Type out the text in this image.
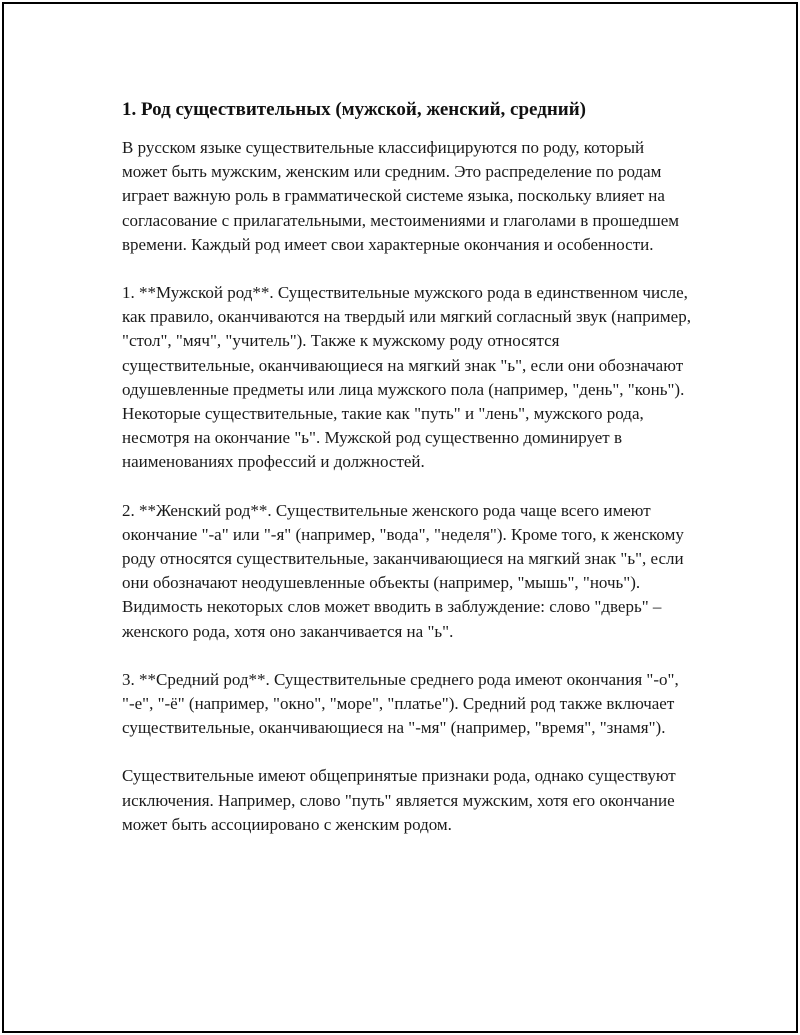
1. Род существительных (мужской, женский, средний)

В русском языке существительные классифицируются по роду, который может быть мужским, женским или средним. Это распределение по родам играет важную роль в грамматической системе языка, поскольку влияет на согласование с прилагательными, местоимениями и глаголами в прошедшем времени. Каждый род имеет свои характерные окончания и особенности.

1. **Мужской род**. Существительные мужского рода в единственном числе, как правило, оканчиваются на твердый или мягкий согласный звук (например, "стол", "мяч", "учитель"). Также к мужскому роду относятся существительные, оканчивающиеся на мягкий знак "ь", если они обозначают одушевленные предметы или лица мужского пола (например, "день", "конь"). Некоторые существительные, такие как "путь" и "лень", мужского рода, несмотря на окончание "ь". Мужской род существенно доминирует в наименованиях профессий и должностей.

2. **Женский род**. Существительные женского рода чаще всего имеют окончание "-а" или "-я" (например, "вода", "неделя"). Кроме того, к женскому роду относятся существительные, заканчивающиеся на мягкий знак "ь", если они обозначают неодушевленные объекты (например, "мышь", "ночь"). Видимость некоторых слов может вводить в заблуждение: слово "дверь" – женского рода, хотя оно заканчивается на "ь".

3. **Средний род**. Существительные среднего рода имеют окончания "-о", "-е", "-ё" (например, "окно", "море", "платье"). Средний род также включает существительные, оканчивающиеся на "-мя" (например, "время", "знамя").

Существительные имеют общепринятые признаки рода, однако существуют исключения. Например, слово "путь" является мужским, хотя его окончание может быть ассоциировано с женским родом.
